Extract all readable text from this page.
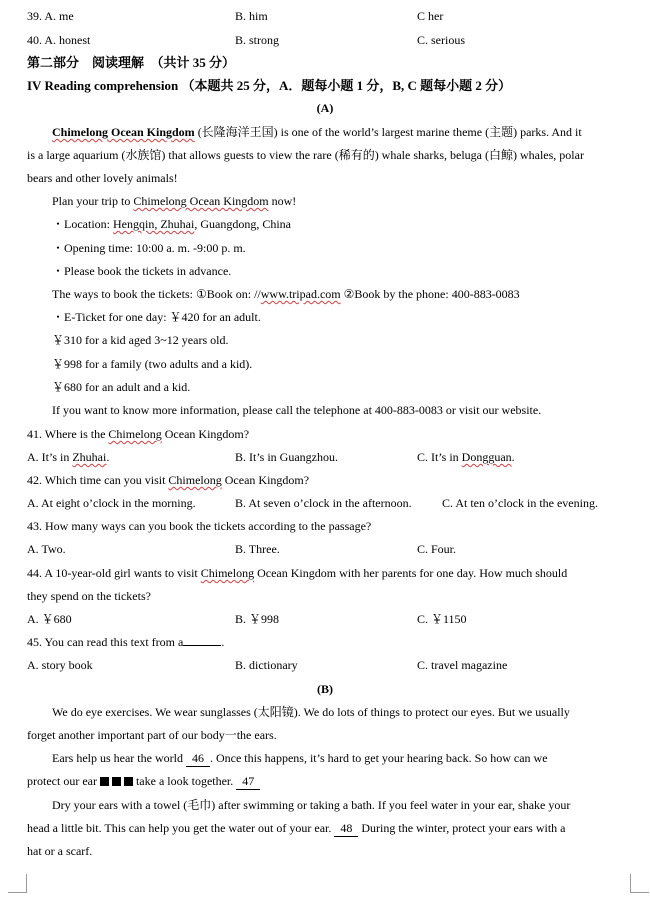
39. A. me	B. him	C her
40. A. honest	B. strong	C. serious
第二部分　阅读理解　（共计 35 分）
IV Reading comprehension （本题共 25 分，A．题每小题 1 分，B, C 题每小题 2 分）
(A)
Chimelong Ocean Kingdom (长隆海洋王国) is one of the world’s largest marine theme (主题) parks. And it
is a large aquarium (水族馆) that allows guests to view the rare (稀有的) whale sharks, beluga (白鲸) whales, polar
bears and other lovely animals!
Plan your trip to Chimelong Ocean Kingdom now!
・Location: Hengqin, Zhuhai, Guangdong, China
・Opening time: 10:00 a. m. -9:00 p. m.
・Please book the tickets in advance.
The ways to book the tickets: ①Book on: //www.tripad.com ②Book by the phone: 400-883-0083
・E-Ticket for one day: ￥420 for an adult.
￥310 for a kid aged 3~12 years old.
￥998 for a family (two adults and a kid).
￥680 for an adult and a kid.
If you want to know more information, please call the telephone at 400-883-0083 or visit our website.
41. Where is the Chimelong Ocean Kingdom?
A. It’s in Zhuhai.	B. It’s in Guangzhou.	C. It’s in Dongguan.
42. Which time can you visit Chimelong Ocean Kingdom?
A. At eight o’clock in the morning.	B. At seven o’clock in the afternoon.	C. At ten o’clock in the evening.
43. How many ways can you book the tickets according to the passage?
A. Two.	B. Three.	C. Four.
44. A 10-year-old girl wants to visit Chimelong Ocean Kingdom with her parents for one day. How much should
they spend on the tickets?
A. ￥680	B. ￥998	C. ￥1150
45. You can read this text from a	.
A. story book	B. dictionary	C. travel magazine
(B)
We do eye exercises. We wear sunglasses (太阳镜). We do lots of things to protect our eyes. But we usually
forget another important part of our body一the ears.
Ears help us hear the world 46 . Once this happens, it’s hard to get your hearing back. So how can we
protect our ear	take a look together. 47
Dry your ears with a towel (毛巾) after swimming or taking a bath. If you feel water in your ear, shake your
head a little bit. This can help you get the water out of your ear. 48 During the winter, protect your ears with a
hat or a scarf.
